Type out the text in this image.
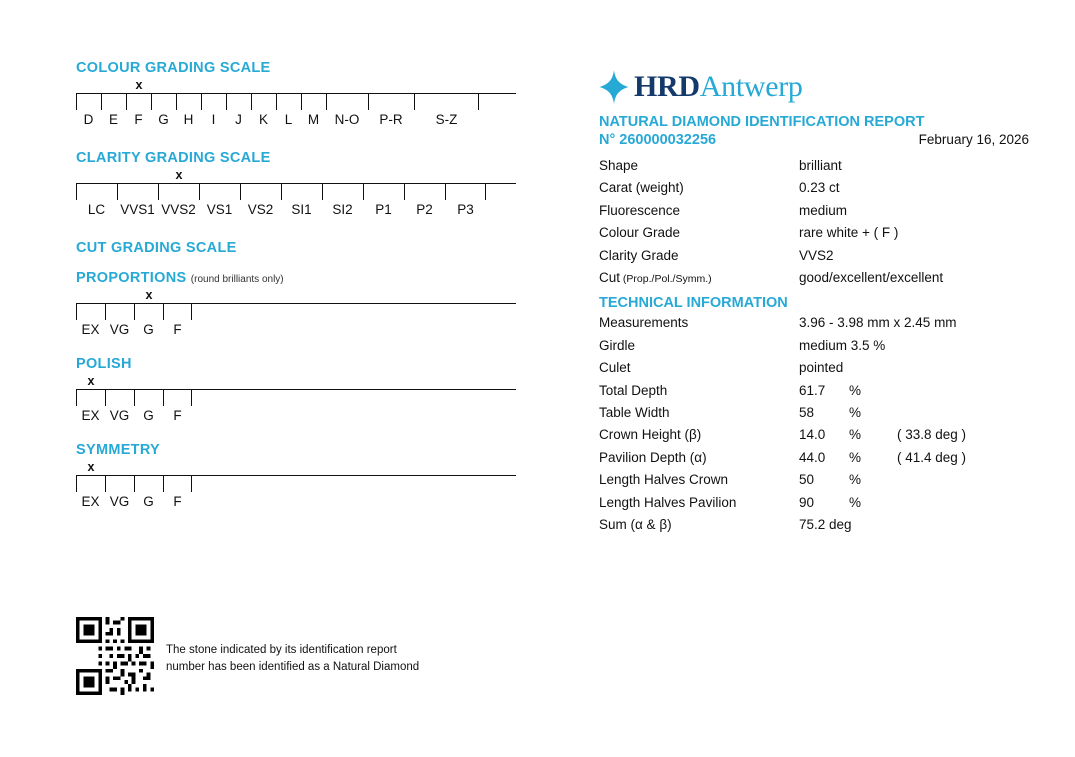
COLOUR GRADING SCALE
x
D	E	F	G	H	I	J	K	L	M	N-O	P-R	S-Z
CLARITY GRADING SCALE
x
LC	VVS1 VVS2 VS1	VS2	SI1	SI2	P1	P2	P3
CUT GRADING SCALE
PROPORTIONS (round brilliants only)
x
EX VG	G	F
POLISH
x
EX VG	G	F
SYMMETRY
x
EX VG	G	F
HRDAntwerp
NATURAL DIAMOND IDENTIFICATION REPORT
N° 260000032256	February 16, 2026
Shape	brilliant
Carat (weight)	0.23 ct
Fluorescence	medium
Colour Grade	rare white + ( F )
Clarity Grade	VVS2
Cut (Prop./Pol./Symm.)	good/excellent/excellent
TECHNICAL INFORMATION
Measurements	3.96 - 3.98 mm x 2.45 mm
Girdle	medium 3.5 %
Culet	pointed
Total Depth	61.7 %
Table Width	58	%
Crown Height (β)	14.0 %	( 33.8 deg )
Pavilion Depth (α)	44.0 %	( 41.4 deg )
Length Halves Crown	50	%
Length Halves Pavilion	90	%
Sum (α & β)	75.2 deg
The stone indicated by its identification report
number has been identified as a Natural Diamond
